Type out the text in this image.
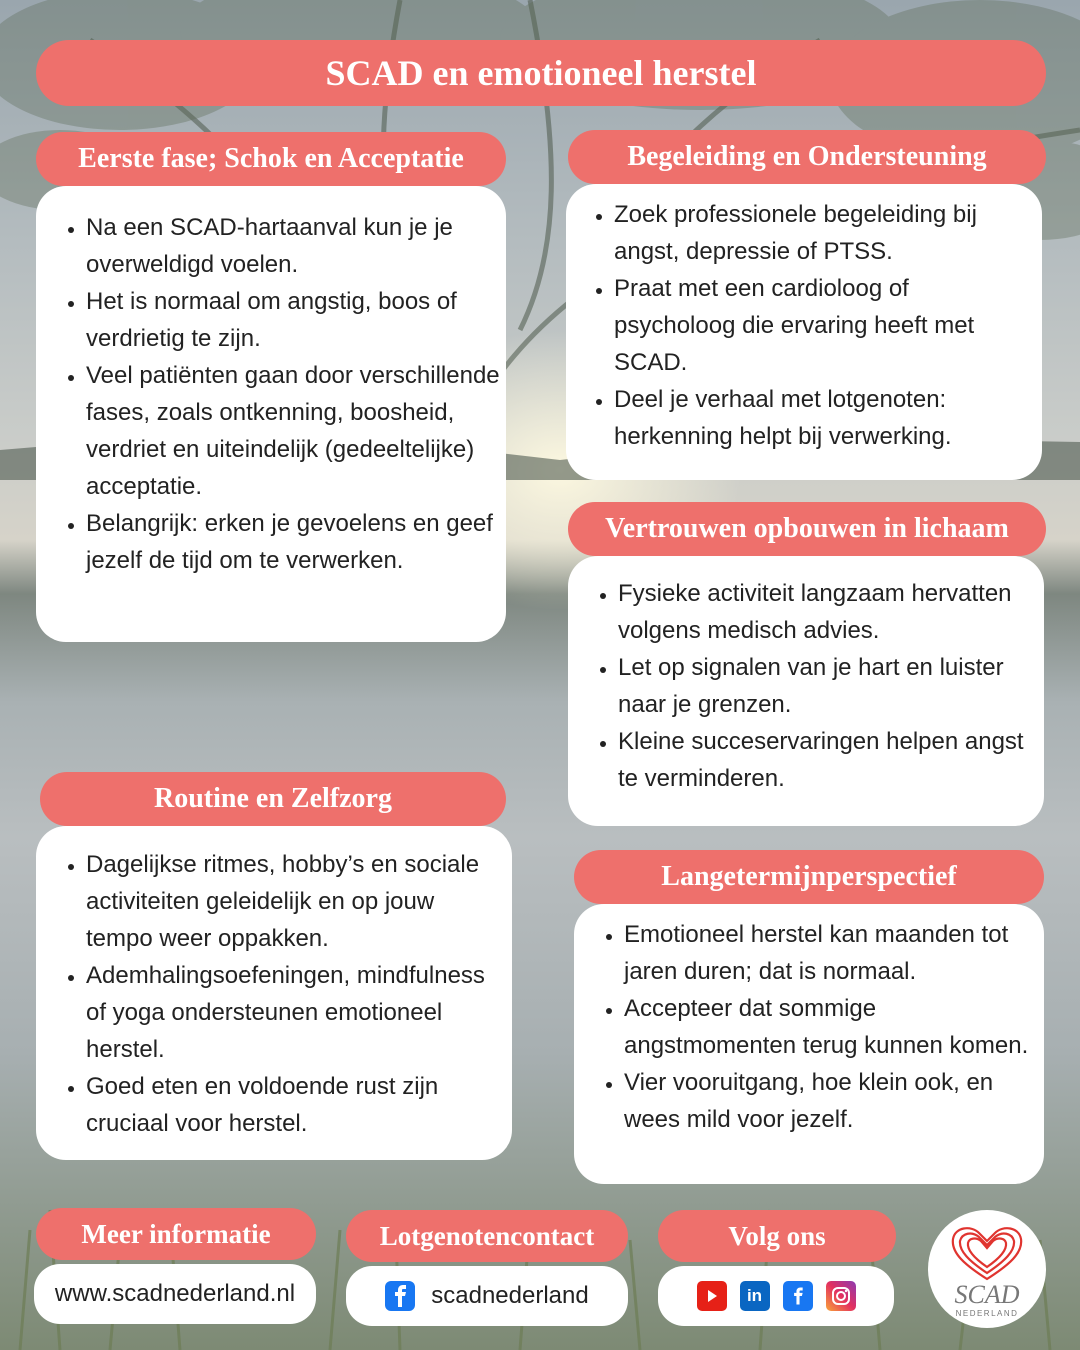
SCAD en emotioneel herstel
Eerste fase; Schok en Acceptatie
• Na een SCAD-hartaanval kun je je overweldigd voelen.
• Het is normaal om angstig, boos of verdrietig te zijn.
• Veel patiënten gaan door verschillende fases, zoals ontkenning, boosheid, verdriet en uiteindelijk (gedeeltelijke) acceptatie.
• Belangrijk: erken je gevoelens en geef jezelf de tijd om te verwerken.
Begeleiding en Ondersteuning
• Zoek professionele begeleiding bij angst, depressie of PTSS.
• Praat met een cardioloog of psycholoog die ervaring heeft met SCAD.
• Deel je verhaal met lotgenoten: herkenning helpt bij verwerking.
Vertrouwen opbouwen in lichaam
• Fysieke activiteit langzaam hervatten volgens medisch advies.
• Let op signalen van je hart en luister naar je grenzen.
• Kleine succeservaringen helpen angst te verminderen.
Routine en Zelfzorg
• Dagelijkse ritmes, hobby’s en sociale activiteiten geleidelijk en op jouw tempo weer oppakken.
• Ademhalingsoefeningen, mindfulness of yoga ondersteunen emotioneel herstel.
• Goed eten en voldoende rust zijn cruciaal voor herstel.
Langetermijnperspectief
• Emotioneel herstel kan maanden tot jaren duren; dat is normaal.
• Accepteer dat sommige angstmomenten terug kunnen komen.
• Vier vooruitgang, hoe klein ook, en wees mild voor jezelf.
Meer informatie
www.scadnederland.nl
Lotgenotencontact
scadnederland
Volg ons
in	SCAD
NEDERLAND
